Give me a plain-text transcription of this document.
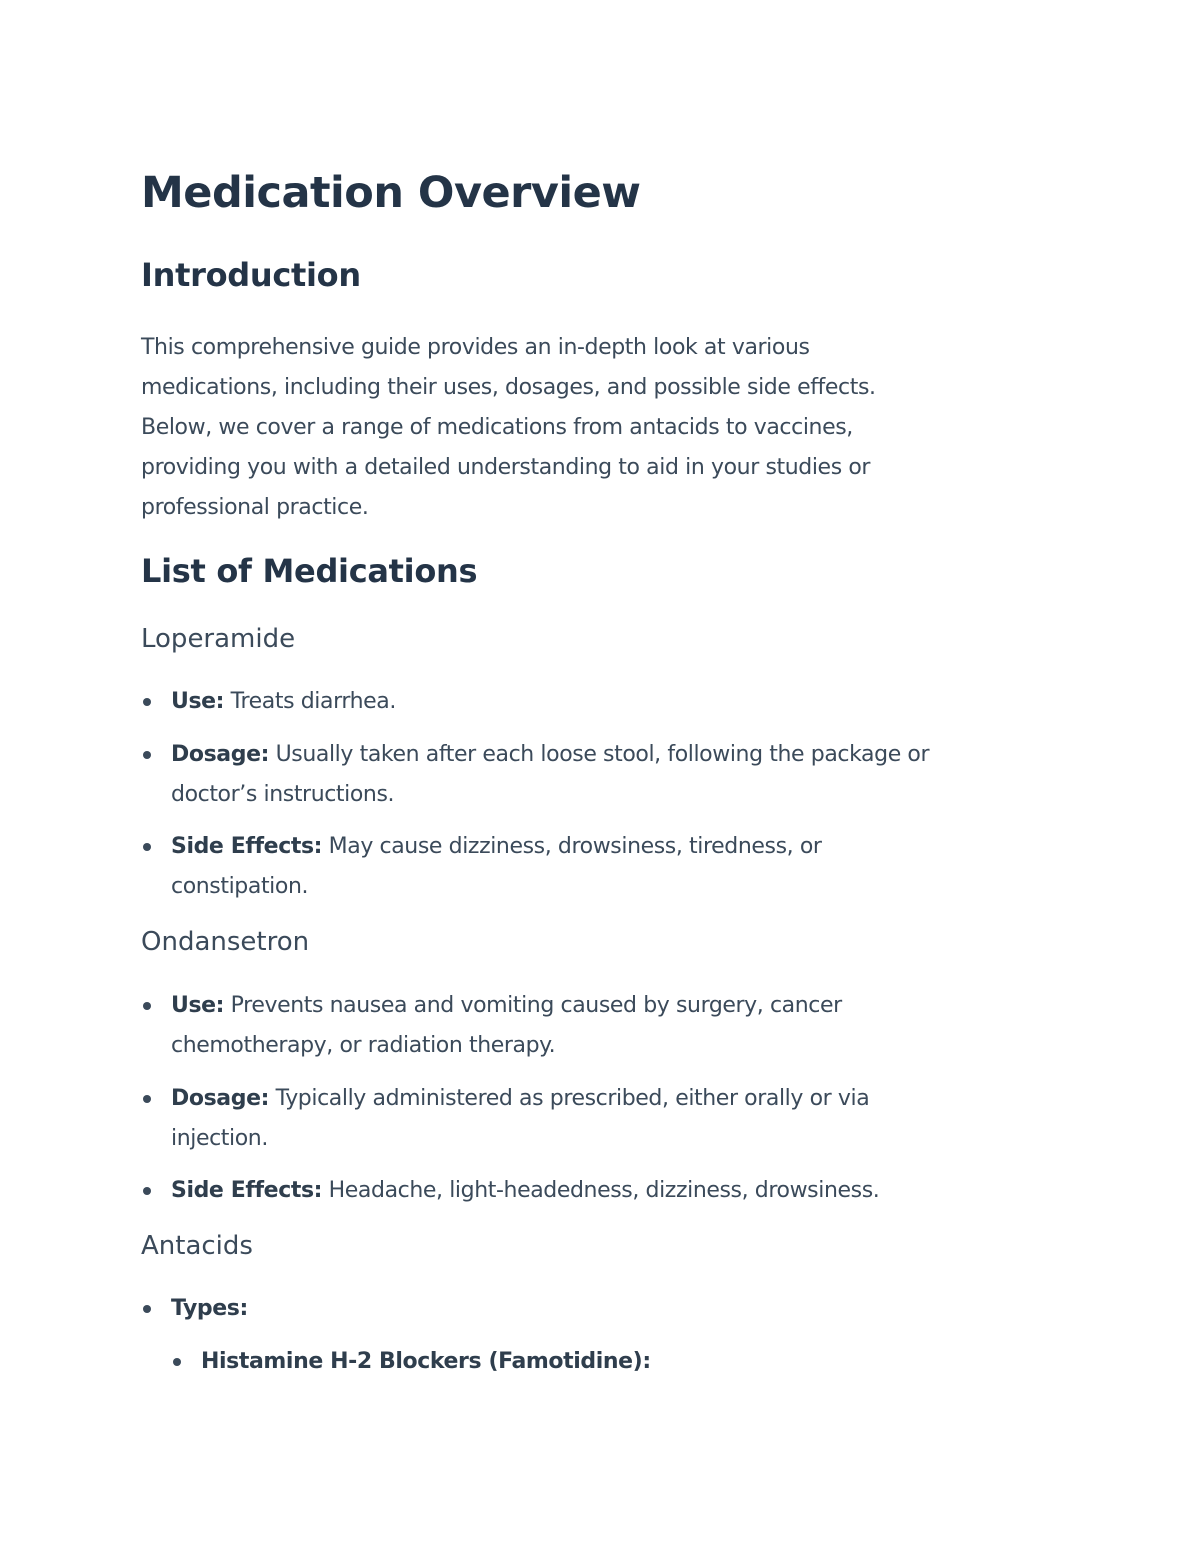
Medication Overview
Introduction

This comprehensive guide provides an in-depth look at various
medications, including their uses, dosages, and possible side effects.
Below, we cover a range of medications from antacids to vaccines,
providing you with a detailed understanding to aid in your studies or
professional practice.

List of Medications
Loperamide
Use: Treats diarrhea.
Dosage: Usually taken after each loose stool, following the package or
doctor’s instructions.
Side Effects: May cause dizziness, drowsiness, tiredness, or
constipation.
Ondansetron
Use: Prevents nausea and vomiting caused by surgery, cancer
chemotherapy, or radiation therapy.
Dosage: Typically administered as prescribed, either orally or via
injection.
Side Effects: Headache, light-headedness, dizziness, drowsiness.
Antacids
Types:
Histamine H-2 Blockers (Famotidine):
